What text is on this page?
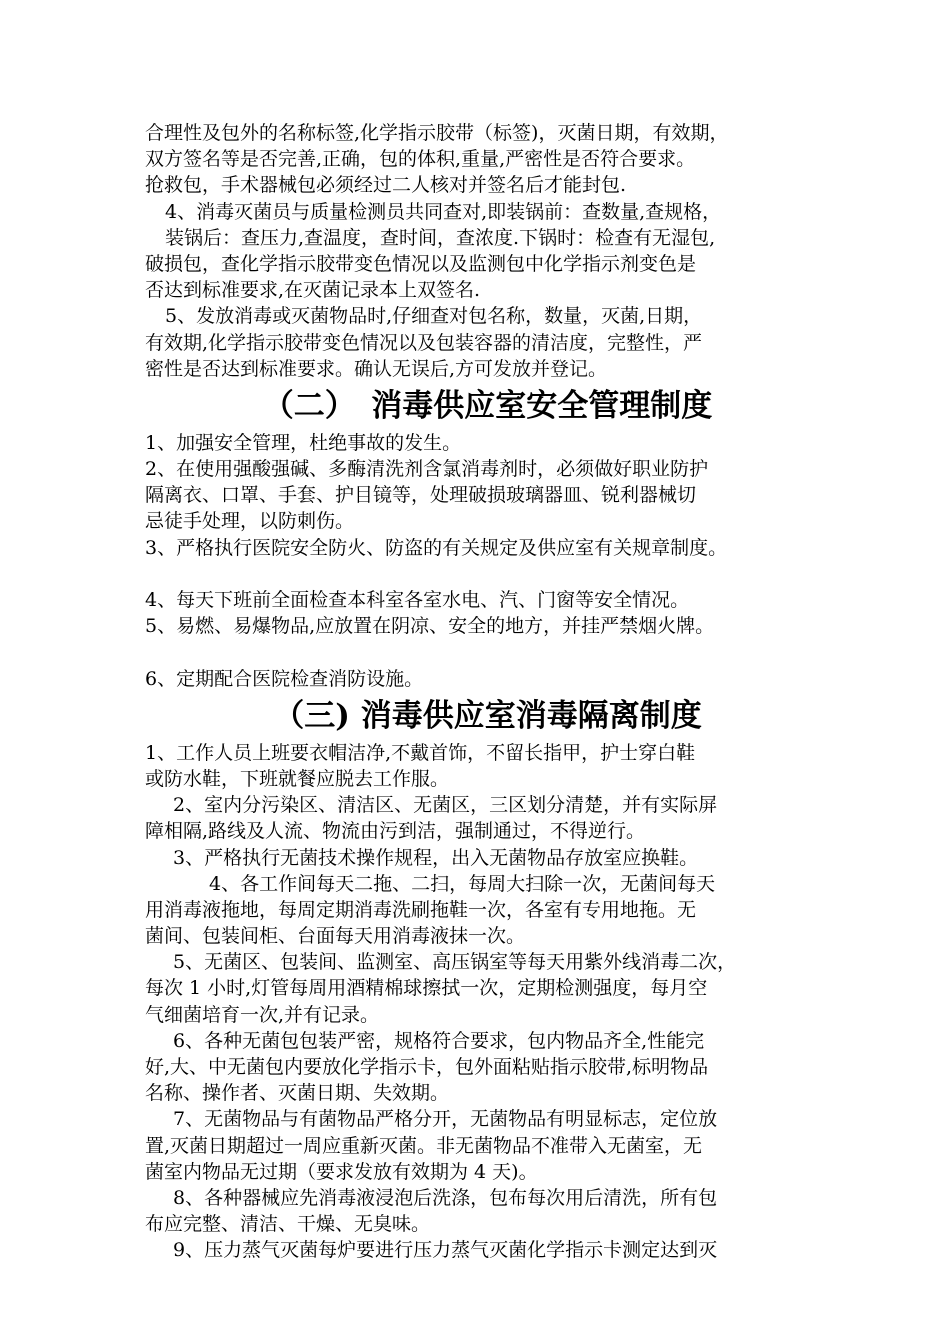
合理性及包外的名称标签,化学指示胶带（标签)，灭菌日期，有效期，
双方签名等是否完善,正确，包的体积,重量,严密性是否符合要求。
抢救包，手术器械包必须经过二人核对并签名后才能封包.
4、消毒灭菌员与质量检测员共同查对,即装锅前：查数量,查规格，
装锅后：查压力,查温度，查时间，查浓度.下锅时：检查有无湿包,
破损包，查化学指示胶带变色情况以及监测包中化学指示剂变色是
否达到标准要求,在灭菌记录本上双签名.
5、发放消毒或灭菌物品时,仔细查对包名称，数量，灭菌,日期，
有效期,化学指示胶带变色情况以及包装容器的清洁度，完整性，严
密性是否达到标准要求。确认无误后,方可发放并登记。
（二）　消毒供应室安全管理制度
1、加强安全管理，杜绝事故的发生。
2、在使用强酸强碱、多酶清洗剂含氯消毒剂时，必须做好职业防护
隔离衣、口罩、手套、护目镜等，处理破损玻璃器皿、锐利器械切
忌徒手处理，以防刺伤。
3、严格执行医院安全防火、防盗的有关规定及供应室有关规章制度。
4、每天下班前全面检查本科室各室水电、汽、门窗等安全情况。
5、易燃、易爆物品,应放置在阴凉、安全的地方，并挂严禁烟火牌。
6、定期配合医院检查消防设施。
（三) 消毒供应室消毒隔离制度
1、工作人员上班要衣帽洁净,不戴首饰，不留长指甲，护士穿白鞋
或防水鞋，下班就餐应脱去工作服。
2、室内分污染区、清洁区、无菌区，三区划分清楚，并有实际屏
障相隔,路线及人流、物流由污到洁，强制通过，不得逆行。
3、严格执行无菌技术操作规程，出入无菌物品存放室应换鞋。
4、各工作间每天二拖、二扫，每周大扫除一次，无菌间每天
用消毒液拖地，每周定期消毒洗刷拖鞋一次，各室有专用地拖。无
菌间、包装间柜、台面每天用消毒液抹一次。
5、无菌区、包装间、监测室、高压锅室等每天用紫外线消毒二次，
每次 1 小时,灯管每周用酒精棉球擦拭一次，定期检测强度，每月空
气细菌培育一次,并有记录。
6、各种无菌包包装严密，规格符合要求，包内物品齐全,性能完
好,大、中无菌包内要放化学指示卡，包外面粘贴指示胶带,标明物品
名称、操作者、灭菌日期、失效期。
7、无菌物品与有菌物品严格分开，无菌物品有明显标志，定位放
置,灭菌日期超过一周应重新灭菌。非无菌物品不准带入无菌室，无
菌室内物品无过期（要求发放有效期为 4 天)。
8、各种器械应先消毒液浸泡后洗涤，包布每次用后清洗，所有包
布应完整、清洁、干燥、无臭味。
9、压力蒸气灭菌每炉要进行压力蒸气灭菌化学指示卡测定达到灭
